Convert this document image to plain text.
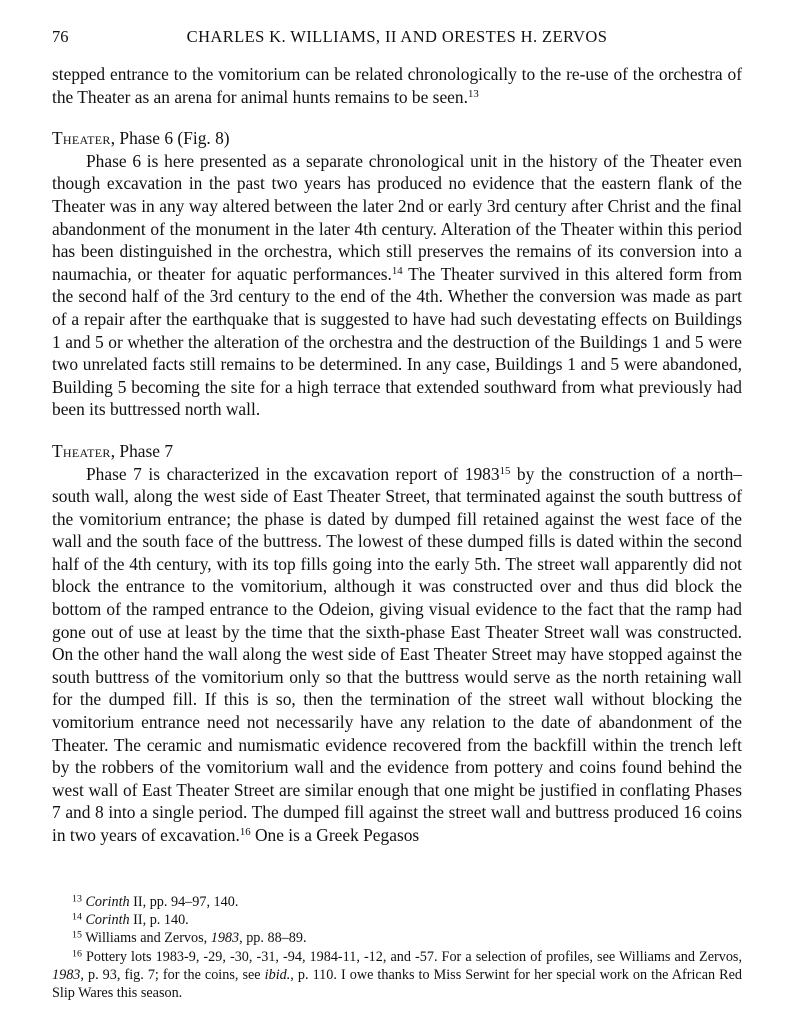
76	CHARLES K. WILLIAMS, II AND ORESTES H. ZERVOS

stepped entrance to the vomitorium can be related chronologically to the re-use of the orchestra of the Theater as an arena for animal hunts remains to be seen.$^{13}$

Theater, Phase 6 (Fig. 8)

Phase 6 is here presented as a separate chronological unit in the history of the Theater even though excavation in the past two years has produced no evidence that the eastern flank of the Theater was in any way altered between the later 2nd or early 3rd century after Christ and the final abandonment of the monument in the later 4th century. Alteration of the Theater within this period has been distinguished in the orchestra, which still preserves the remains of its conversion into a naumachia, or theater for aquatic performances.$^{14}$ The Theater survived in this altered form from the second half of the 3rd century to the end of the 4th. Whether the conversion was made as part of a repair after the earthquake that is suggested to have had such devestating effects on Buildings 1 and 5 or whether the alteration of the orchestra and the destruction of the Buildings 1 and 5 were two unrelated facts still remains to be determined. In any case, Buildings 1 and 5 were abandoned, Building 5 becoming the site for a high terrace that extended southward from what previously had been its buttressed north wall.

Theater, Phase 7

Phase 7 is characterized in the excavation report of 1983$^{15}$ by the construction of a north–south wall, along the west side of East Theater Street, that terminated against the south buttress of the vomitorium entrance; the phase is dated by dumped fill retained against the west face of the wall and the south face of the buttress. The lowest of these dumped fills is dated within the second half of the 4th century, with its top fills going into the early 5th. The street wall apparently did not block the entrance to the vomitorium, although it was constructed over and thus did block the bottom of the ramped entrance to the Odeion, giving visual evidence to the fact that the ramp had gone out of use at least by the time that the sixth-phase East Theater Street wall was constructed. On the other hand the wall along the west side of East Theater Street may have stopped against the south buttress of the vomitorium only so that the buttress would serve as the north retaining wall for the dumped fill. If this is so, then the termination of the street wall without blocking the vomitorium entrance need not necessarily have any relation to the date of abandonment of the Theater. The ceramic and numismatic evidence recovered from the backfill within the trench left by the robbers of the vomitorium wall and the evidence from pottery and coins found behind the west wall of East Theater Street are similar enough that one might be justified in conflating Phases 7 and 8 into a single period. The dumped fill against the street wall and buttress produced 16 coins in two years of excavation.$^{16}$ One is a Greek Pegasos

$^{13}$ Corinth II, pp. 94–97, 140.

$^{14}$ Corinth II, p. 140.

$^{15}$ Williams and Zervos, 1983, pp. 88–89.

$^{16}$ Pottery lots 1983-9, -29, -30, -31, -94, 1984-11, -12, and -57. For a selection of profiles, see Williams and Zervos, 1983, p. 93, fig. 7; for the coins, see ibid., p. 110. I owe thanks to Miss Serwint for her special work on the African Red Slip Wares this season.
